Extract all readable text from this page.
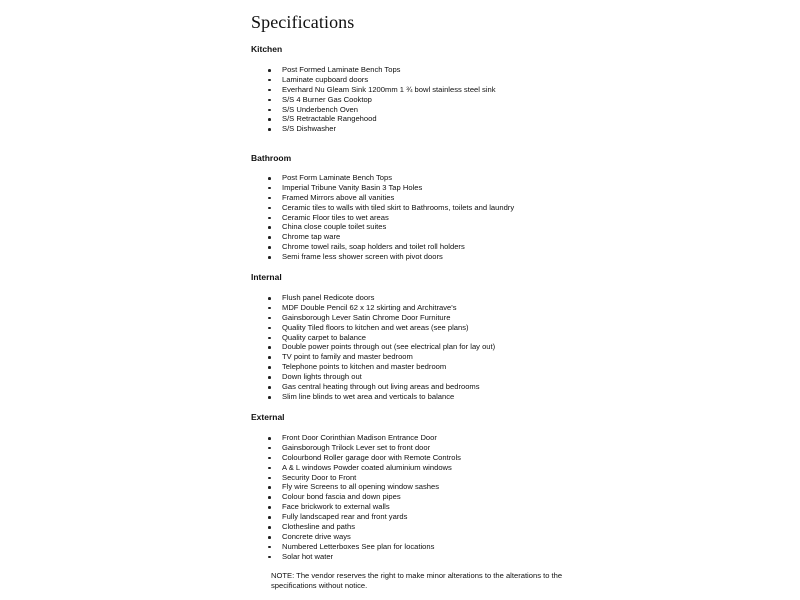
Specifications
Kitchen
Post Formed Laminate Bench Tops
Laminate cupboard doors
Everhard Nu Gleam Sink 1200mm 1 ¾ bowl stainless steel sink
S/S 4 Burner Gas Cooktop
S/S Underbench Oven
S/S Retractable Rangehood
S/S Dishwasher
Bathroom
Post Form Laminate Bench Tops
Imperial Tribune Vanity Basin 3 Tap Holes
Framed Mirrors above all vanities
Ceramic tiles to walls with tiled skirt to Bathrooms, toilets and laundry
Ceramic Floor tiles to wet areas
China close couple toilet suites
Chrome tap ware
Chrome towel rails, soap holders and toilet roll holders
Semi frame less shower screen with pivot doors
Internal
Flush panel Redicote doors
MDF Double Pencil 62 x 12 skirting and Architrave's
Gainsborough Lever Satin Chrome Door Furniture
Quality Tiled floors to kitchen and wet areas (see plans)
Quality carpet to balance
Double power points through out (see electrical plan for lay out)
TV point to family and master bedroom
Telephone points to kitchen and master bedroom
Down lights through out
Gas central heating through out living areas and bedrooms
Slim line blinds to wet area and verticals to balance
External
Front Door Corinthian Madison Entrance Door
Gainsborough Trilock Lever set to front door
Colourbond Roller garage door with Remote Controls
A & L windows Powder coated aluminium windows
Security Door to Front
Fly wire Screens to all opening window sashes
Colour bond fascia and down pipes
Face brickwork to external walls
Fully landscaped rear and front yards
Clothesline and paths
Concrete drive ways
Numbered Letterboxes See plan for locations
Solar hot water
NOTE: The vendor reserves the right to make minor alterations to the alterations to the specifications without notice.
